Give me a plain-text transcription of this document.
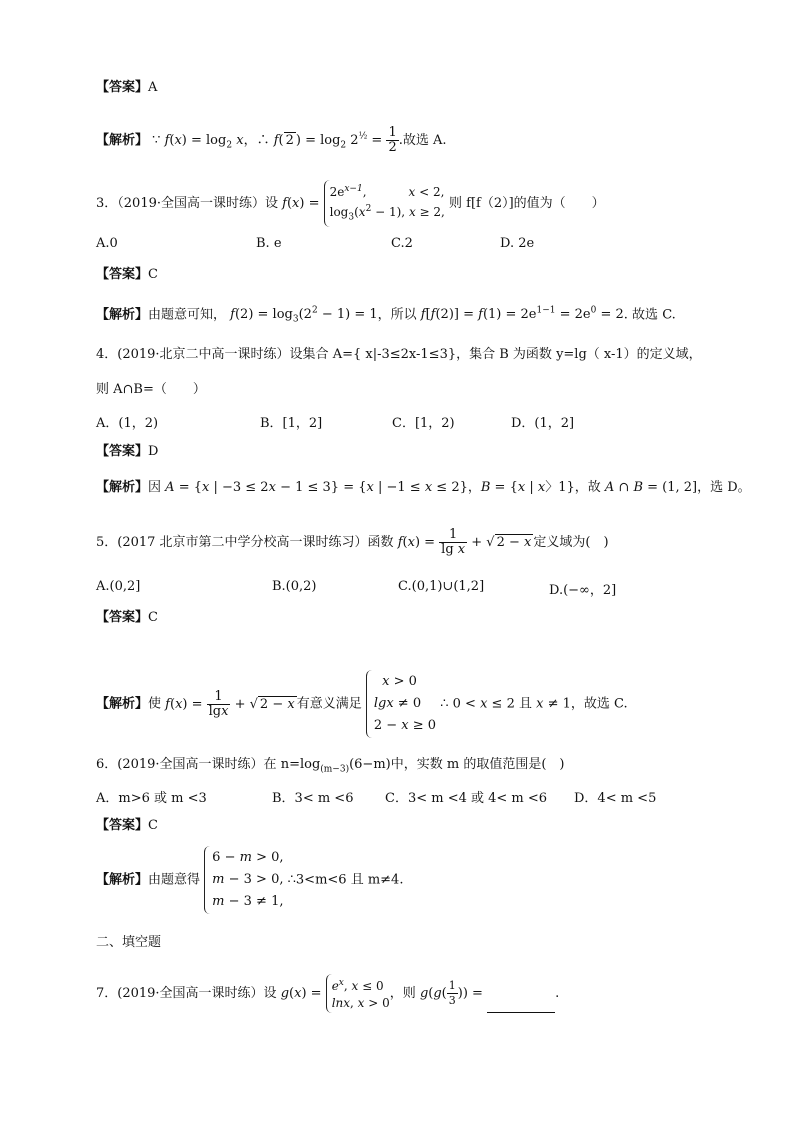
【答案】A
【解析】 ∵ $f(x) = \log_2 x$，∴ f( 2 ) = $\log_2 2^{\frac{1}{2}} = \frac{1}{2}$ .故选 A.
3．（2019·全国高一课时练）设 $f(x) = 2e^{x-1}$,           x < 2,
$\log_3(x^2 - 1)$, x ≥ 2, 则 f[f（2）]的值为（　　）
A.0	B. e	C.2	D. 2e
【答案】C
【解析】由题意可知， $f(2) = \log_3(2^2 - 1) = 1$，所以 $f[f(2)] = f(1) = 2e^{1-1} = 2e^0 = 2$. 故选 C.
4．(2019·北京二中高一课时练）设集合 A={ x|-3≤2x-1≤3}，集合 B 为函数 y=lg（ x-1）的定义域，
则 A∩B=（　　）
A．(1，2)	B．[1，2]	C．[1，2)	D．(1，2]
【答案】D
【解析】因 A = {x | −3 ≤ 2x − 1 ≤ 3} = {x | −1 ≤ x ≤ 2}，B = {x | x〉1}，故 A ∩ B = (1, 2]，选 D。
5．(2017 北京市第二中学分校高一课时练习）函数 $f(x) = \frac{1}{\text{lg x}}$ + √ 2 − x 定义域为(　)
A.(0,2]	B.(0,2)	C.(0,1)∪(1,2]	D.(−∞，2]
【答案】C
【解析】使 $f(x) = \frac{1}{\lg x}$ + √ 2 − x 有意义满足   x > 0
lgx ≠ 0
2 − x ≥ 0 ∴ 0 < x ≤ 2 且 x ≠ 1，故选 C.
6．(2019·全国高一课时练）在 $n=\log_{(m-3)}(6-m)$中，实数 m 的取值范围是(　)
A．m>6 或 m <3	B．3< m <6 C．3< m <4 或 4< m <6 D．4< m <5
【答案】C
【解析】由题意得 6 − m > 0,
m − 3 > 0,
m − 3 ≠ 1, ∴3<m<6 且 m≠4.
二、填空题
7．(2019·全国高一课时练）设 $g(x) = e^x$, x ≤ 0
lnx, x > 0，则 $g(g( \frac{1}{3}$ )) =	.
